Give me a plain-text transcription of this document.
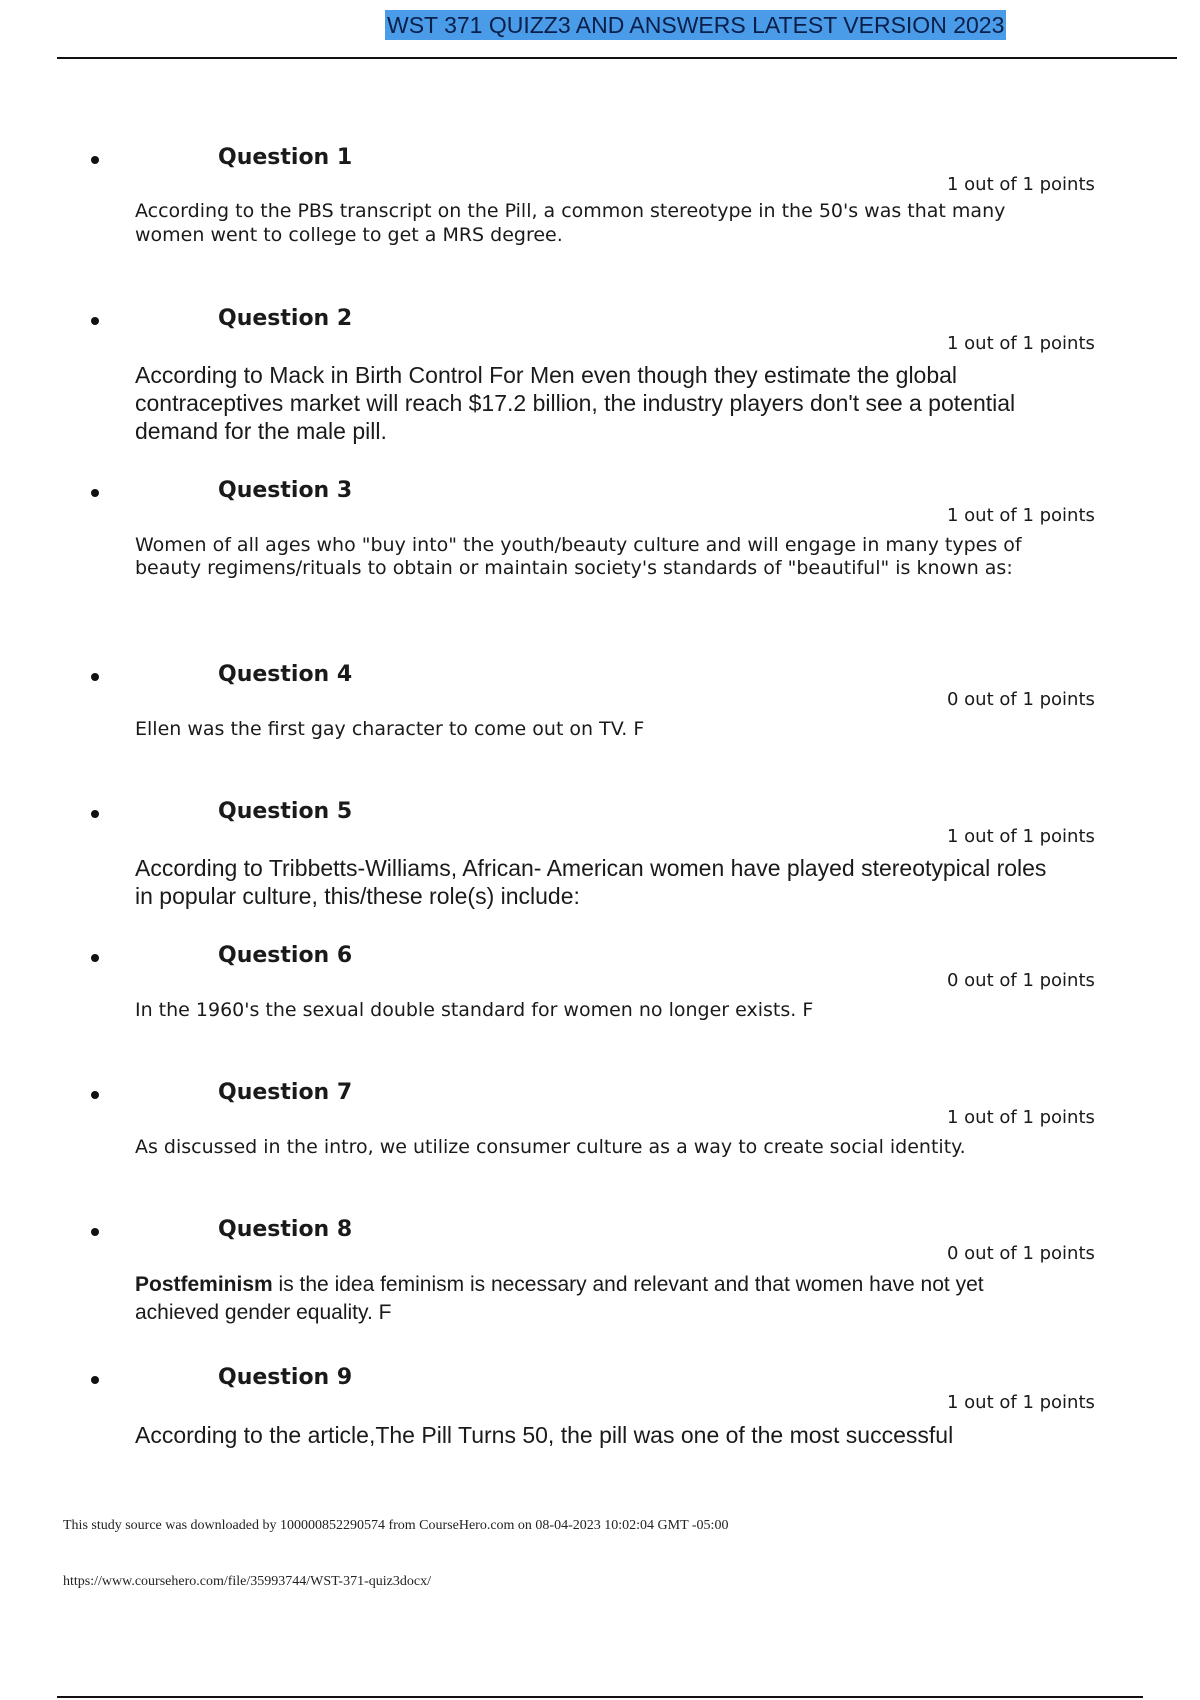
WST 371 QUIZZ3 AND ANSWERS LATEST VERSION 2023
Question 1
1 out of 1 points
According to the PBS transcript on the Pill, a common stereotype in the 50's was that many women went to college to get a MRS degree.
Question 2
1 out of 1 points
According to Mack in Birth Control For Men even though they estimate the global contraceptives market will reach $17.2 billion, the industry players don't see a potential demand for the male pill.
Question 3
1 out of 1 points
Women of all ages who "buy into" the youth/beauty culture and will engage in many types of beauty regimens/rituals to obtain or maintain society's standards of "beautiful" is known as:
Question 4
0 out of 1 points
Ellen was the first gay character to come out on TV. F
Question 5
1 out of 1 points
According to Tribbetts-Williams, African- American women have played stereotypical roles in popular culture, this/these role(s) include:
Question 6
0 out of 1 points
In the 1960's the sexual double standard for women no longer exists. F
Question 7
1 out of 1 points
As discussed in the intro, we utilize consumer culture as a way to create social identity.
Question 8
0 out of 1 points
Postfeminism is the idea feminism is necessary and relevant and that women have not yet achieved gender equality. F
Question 9
1 out of 1 points
According to the article,The Pill Turns 50, the pill was one of the most successful
This study source was downloaded by 100000852290574 from CourseHero.com on 08-04-2023 10:02:04 GMT -05:00
https://www.coursehero.com/file/35993744/WST-371-quiz3docx/
